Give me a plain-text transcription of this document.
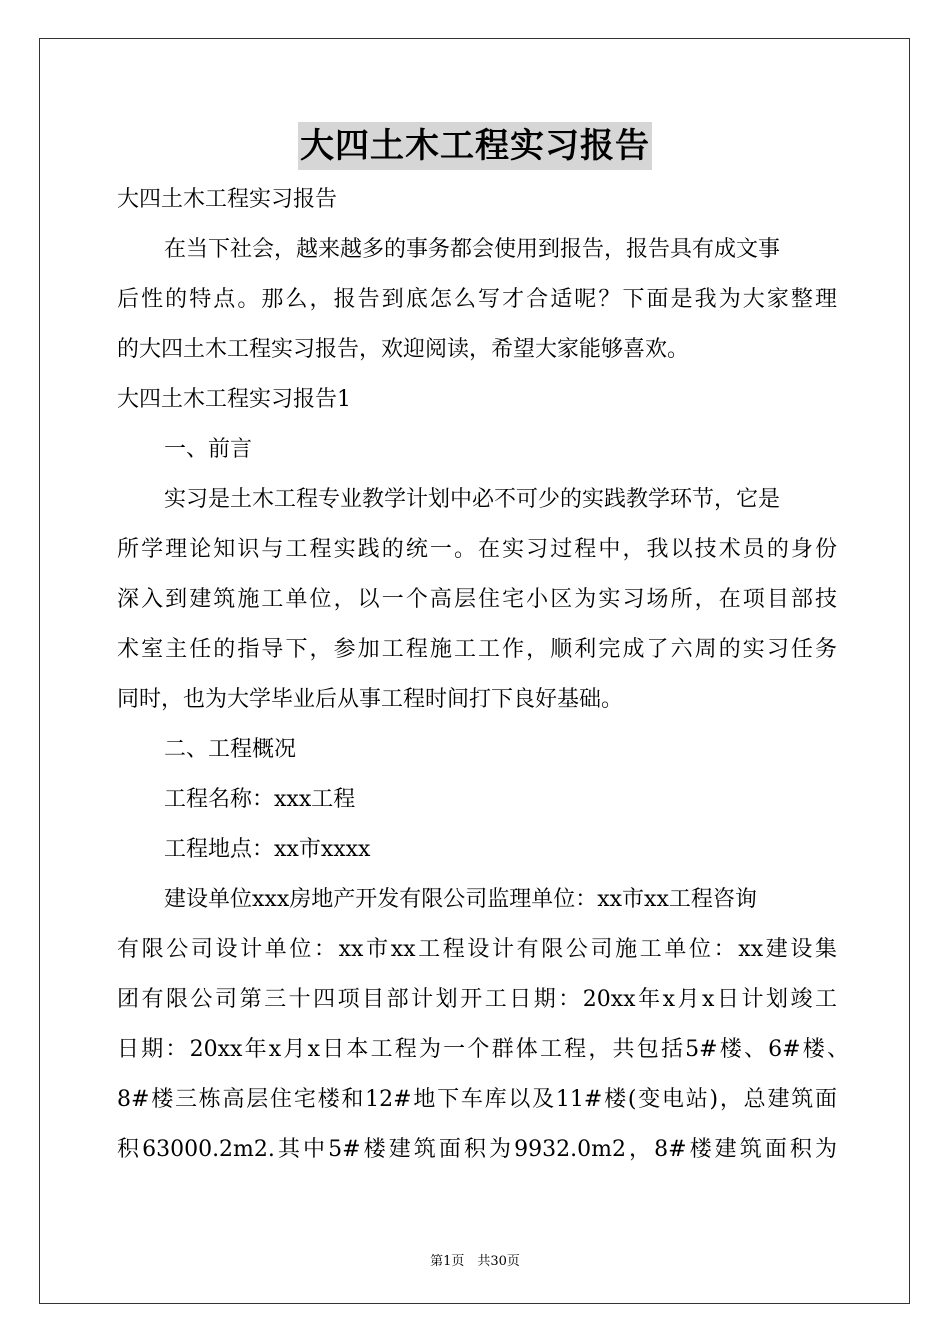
大四土木工程实习报告
大四土木工程实习报告
在当下社会，越来越多的事务都会使用到报告，报告具有成文事
后性的特点。那么，报告到底怎么写才合适呢？下面是我为大家整理
的大四土木工程实习报告，欢迎阅读，希望大家能够喜欢。
大四土木工程实习报告1
一、前言
实习是土木工程专业教学计划中必不可少的实践教学环节，它是
所学理论知识与工程实践的统一。在实习过程中，我以技术员的身份
深入到建筑施工单位，以一个高层住宅小区为实习场所，在项目部技
术室主任的指导下，参加工程施工工作，顺利完成了六周的实习任务
同时，也为大学毕业后从事工程时间打下良好基础。
二、工程概况
工程名称：xxx工程
工程地点：xx市xxxx
建设单位xxx房地产开发有限公司监理单位：xx市xx工程咨询
有限公司设计单位：xx市xx工程设计有限公司施工单位：xx建设集
团有限公司第三十四项目部计划开工日期：20xx年x月x日计划竣工
日期：20xx年x月x日本工程为一个群体工程，共包括5#楼、6#楼、
8#楼三栋高层住宅楼和12#地下车库以及11#楼(变电站)，总建筑面
积63000.2m2.其中5#楼建筑面积为9932.0m2，8#楼建筑面积为
第1页　共30页
